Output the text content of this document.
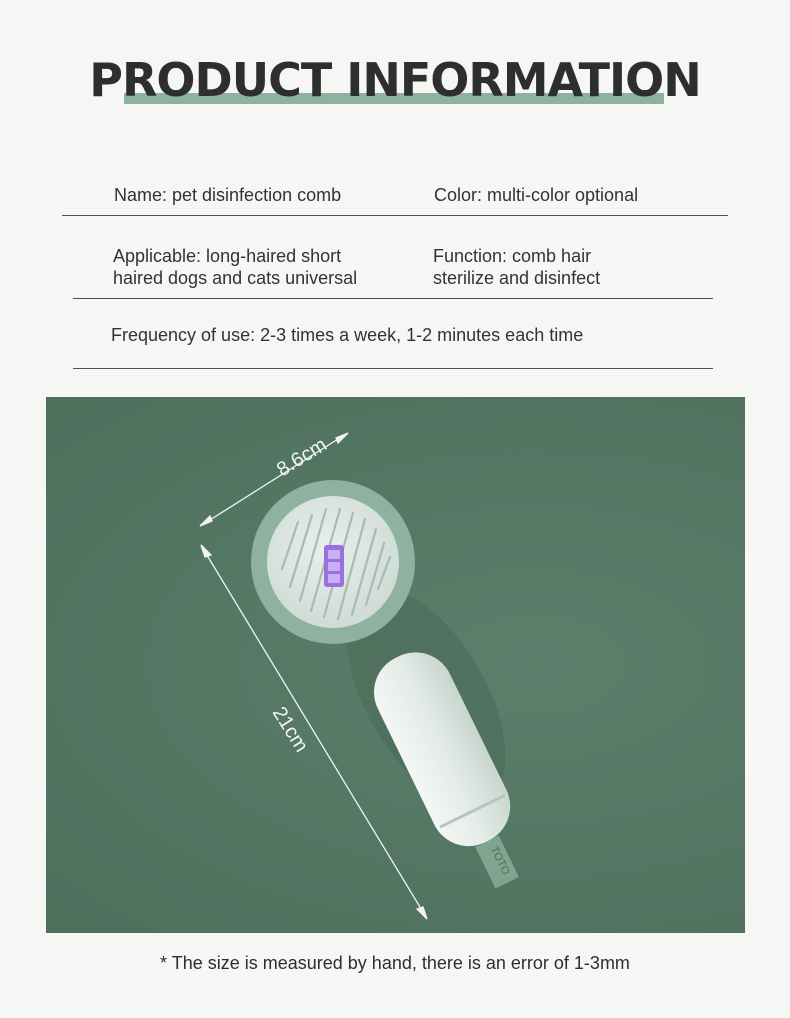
PRODUCT INFORMATION
Name: pet disinfection comb	Color: multi-color optional
Applicable: long-haired short
haired dogs and cats universal
Function: comb hair
sterilize and disinfect
Frequency of use: 2-3 times a week, 1-2 minutes each time
TOTO
8.6cm
21cm
* The size is measured by hand, there is an error of 1-3mm
